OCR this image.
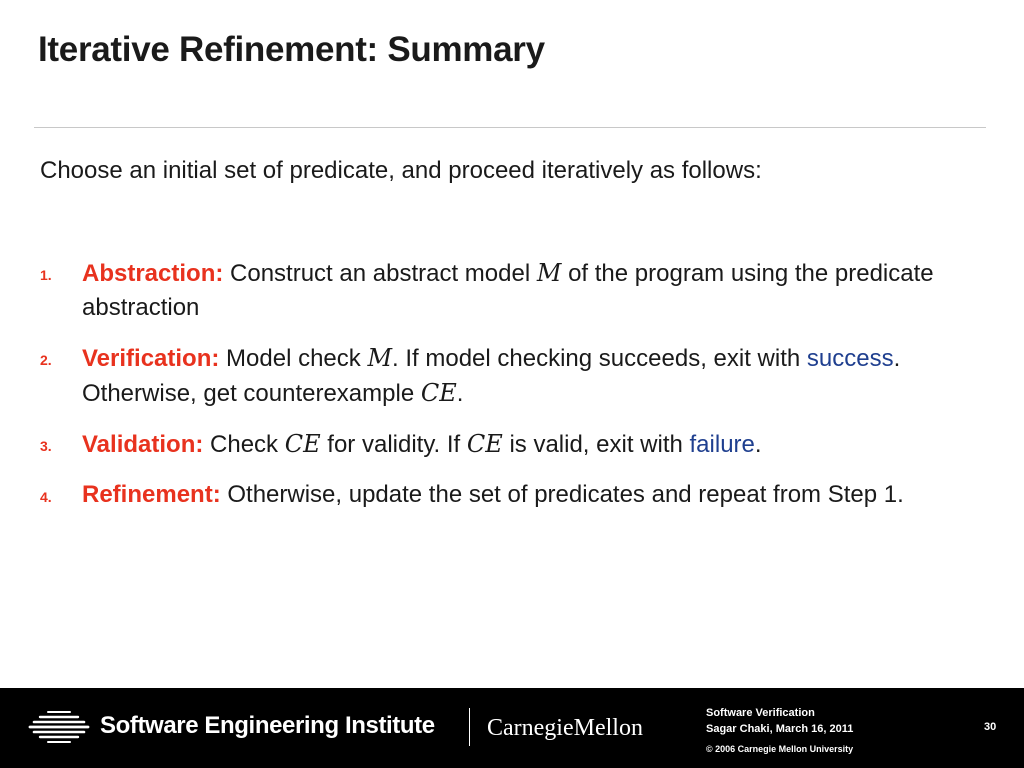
Iterative Refinement: Summary
Choose an initial set of predicate, and proceed iteratively as follows:
1. Abstraction: Construct an abstract model M of the program using the predicate abstraction
2. Verification: Model check M. If model checking succeeds, exit with success. Otherwise, get counterexample CE.
3. Validation: Check CE for validity. If CE is valid, exit with failure.
4. Refinement: Otherwise, update the set of predicates and repeat from Step 1.
Software Engineering Institute CarnegieMellon
Software Verification
Sagar Chaki, March 16, 2011
© 2006 Carnegie Mellon University
30
